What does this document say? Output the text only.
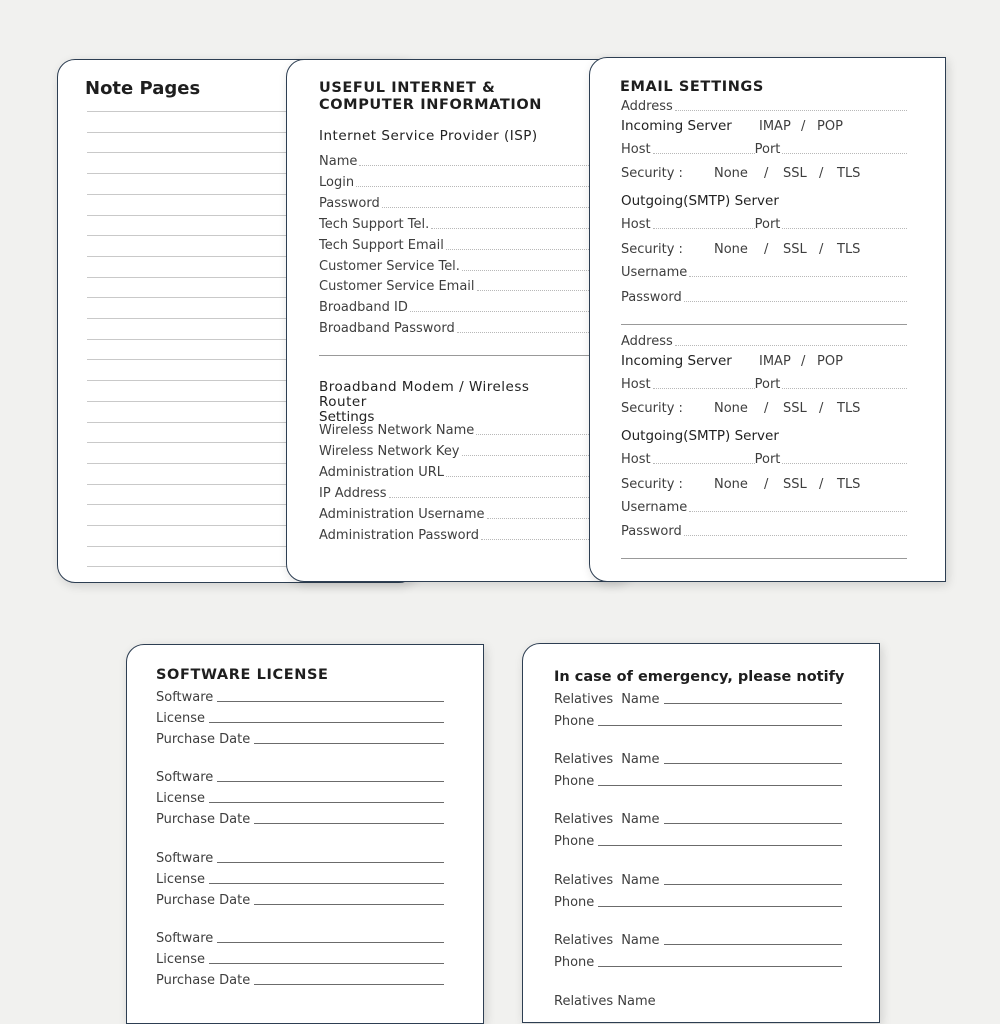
Note Pages	USEFUL INTERNET &
COMPUTER INFORMATION
Internet Service Provider (ISP)
Name
Login
Password
Tech Support Tel.
Tech Support Email
Customer Service Tel.
Customer Service Email
Broadband ID
Broadband Password
Broadband Modem / Wireless Router
Settings
Wireless Network Name
Wireless Network Key
Administration URL
IP Address
Administration Username
Administration Password
EMAIL SETTINGS
Address
Incoming Server IMAP / POP
Host	Port
Security : None / SSL / TLS
Outgoing(SMTP) Server
Host	Port
Security : None / SSL / TLS
Username
Password
Address
Incoming Server IMAP / POP
Host	Port
Security : None / SSL / TLS
Outgoing(SMTP) Server
Host	Port
Security : None / SSL / TLS
Username
Password
SOFTWARE LICENSE
Software
License
Purchase Date
Software
License
Purchase Date
Software
License
Purchase Date
Software
License
Purchase Date
In case of emergency, please notify
Relatives Name
Phone
Relatives Name
Phone
Relatives Name
Phone
Relatives Name
Phone
Relatives Name
Phone
Relatives Name
